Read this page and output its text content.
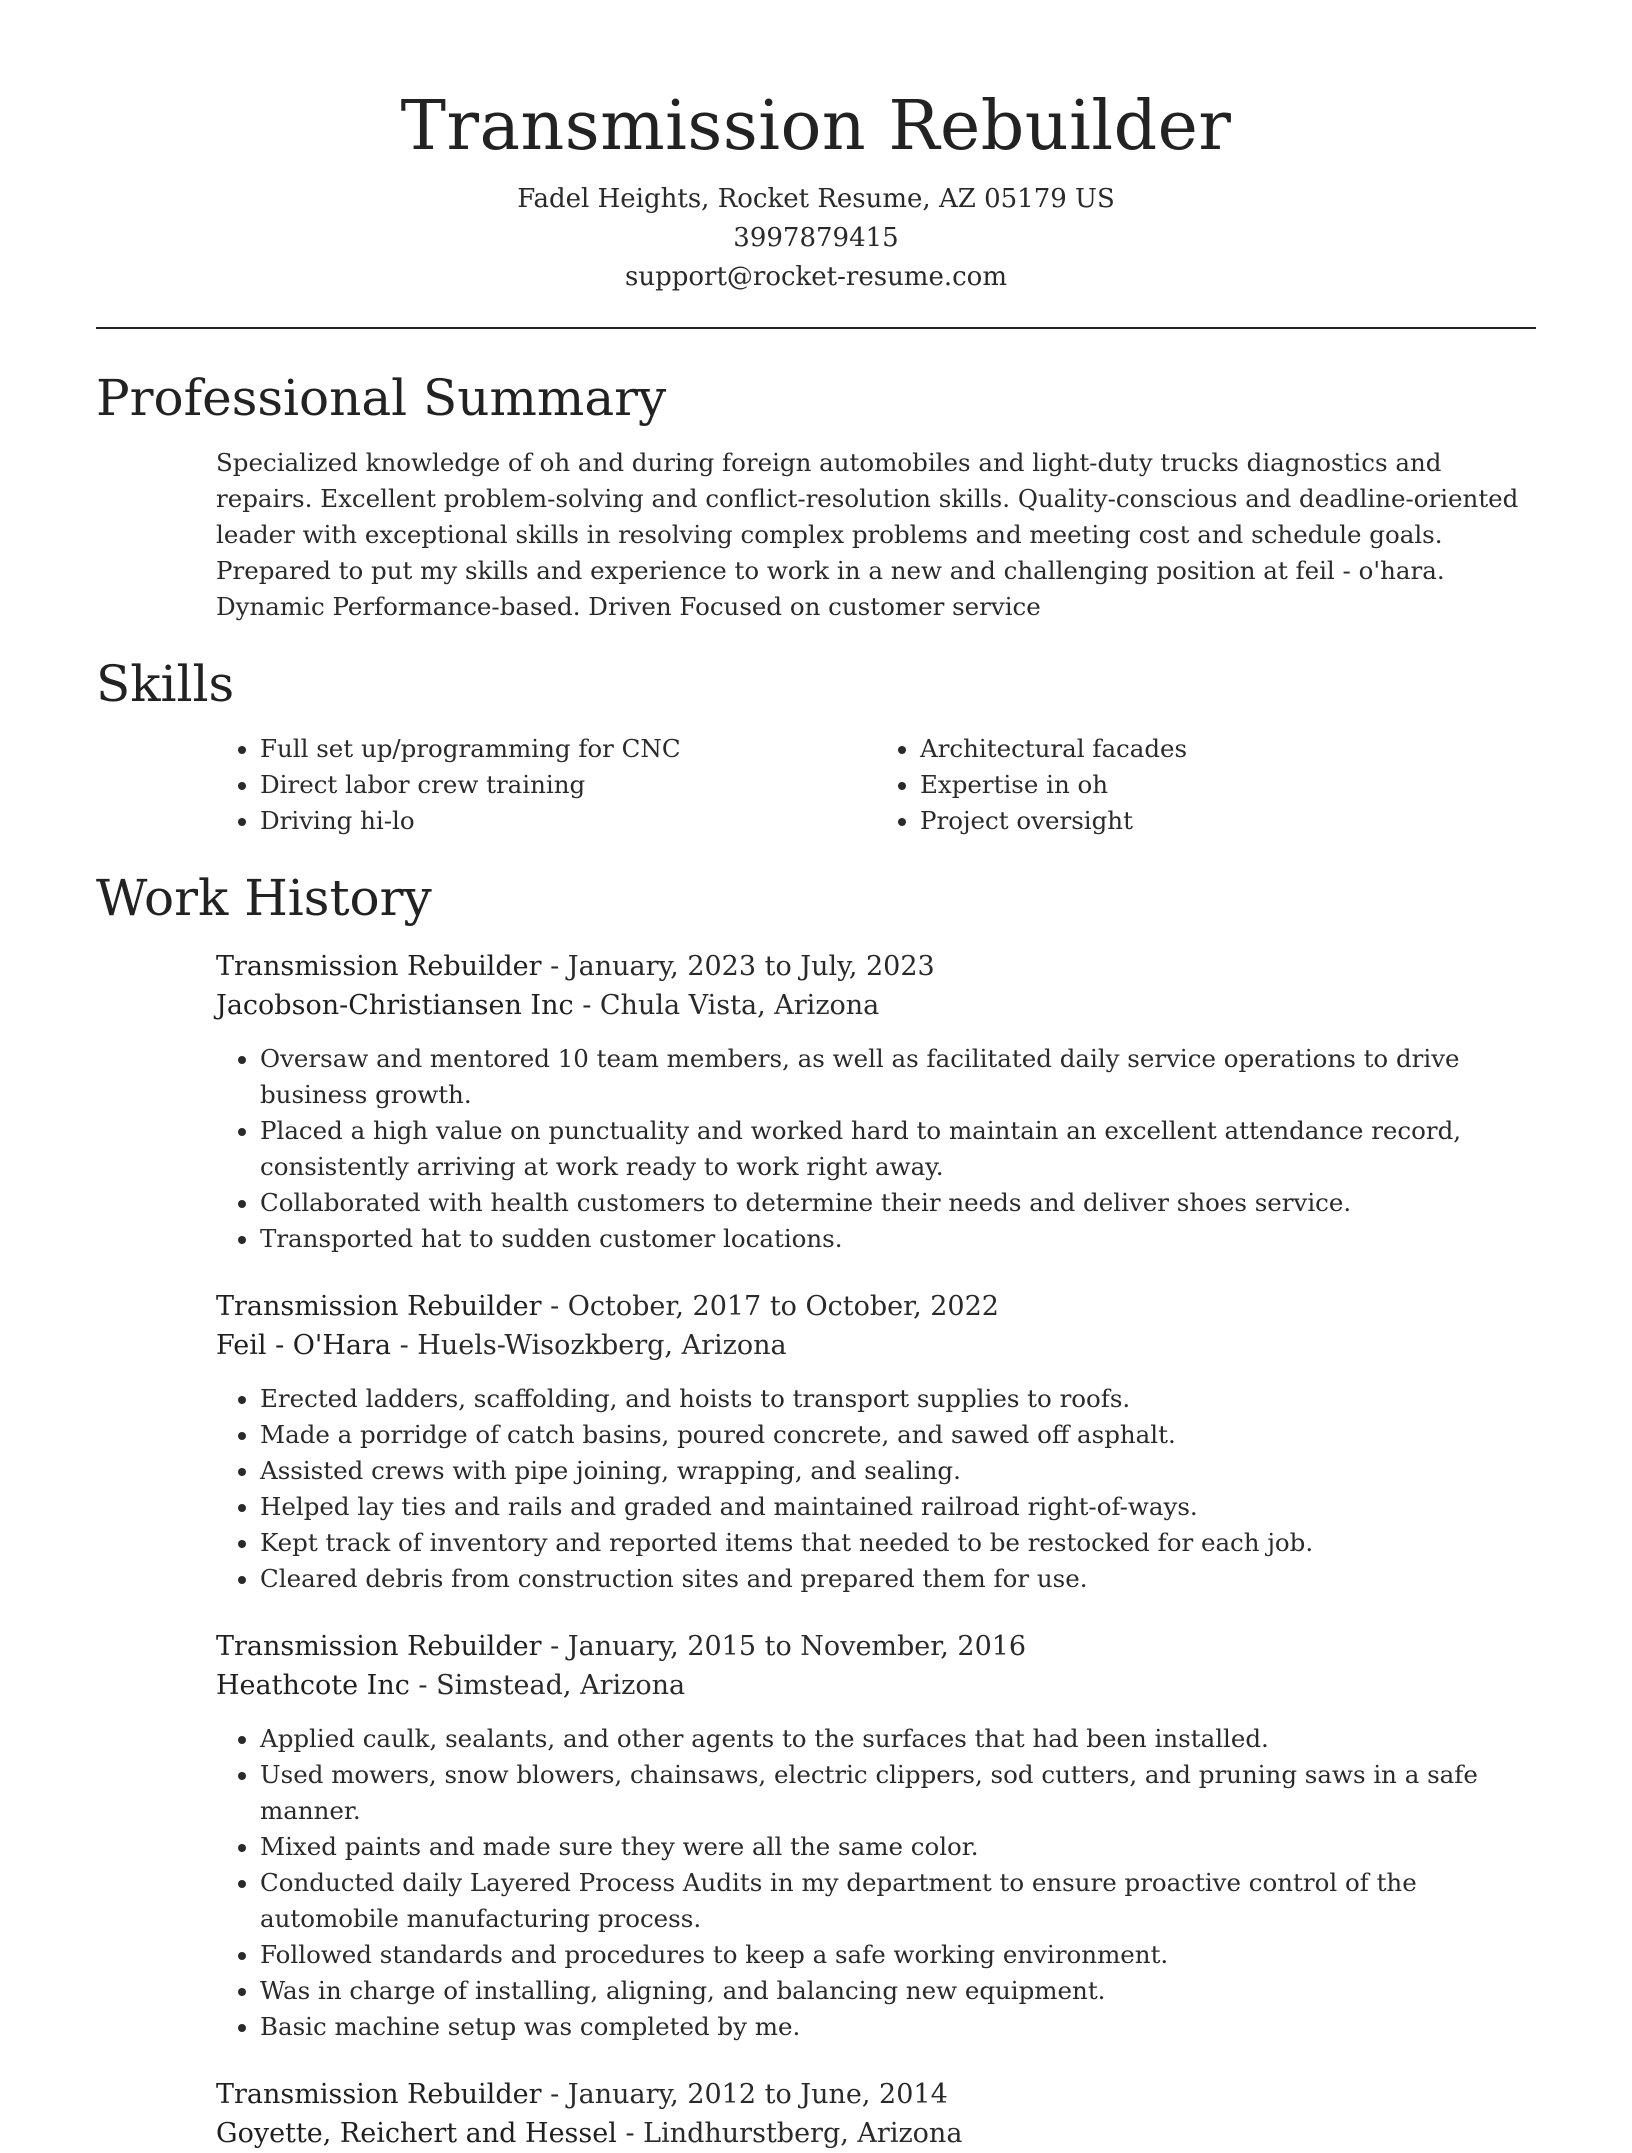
Transmission Rebuilder
Fadel Heights, Rocket Resume, AZ 05179 US
3997879415
support@rocket-resume.com
Professional Summary
Specialized knowledge of oh and during foreign automobiles and light-duty trucks diagnostics and repairs. Excellent problem-solving and conflict-resolution skills. Quality-conscious and deadline-oriented leader with exceptional skills in resolving complex problems and meeting cost and schedule goals. Prepared to put my skills and experience to work in a new and challenging position at feil - o'hara. Dynamic Performance-based. Driven Focused on customer service
Skills
• Full set up/programming for CNC
• Direct labor crew training
• Driving hi-lo
• Architectural facades
• Expertise in oh
• Project oversight
Work History
Transmission Rebuilder - January, 2023 to July, 2023
Jacobson-Christiansen Inc - Chula Vista, Arizona
• Oversaw and mentored 10 team members, as well as facilitated daily service operations to drive business growth.
• Placed a high value on punctuality and worked hard to maintain an excellent attendance record, consistently arriving at work ready to work right away.
• Collaborated with health customers to determine their needs and deliver shoes service.
• Transported hat to sudden customer locations.
Transmission Rebuilder - October, 2017 to October, 2022
Feil - O'Hara - Huels-Wisozkberg, Arizona
• Erected ladders, scaffolding, and hoists to transport supplies to roofs.
• Made a porridge of catch basins, poured concrete, and sawed off asphalt.
• Assisted crews with pipe joining, wrapping, and sealing.
• Helped lay ties and rails and graded and maintained railroad right-of-ways.
• Kept track of inventory and reported items that needed to be restocked for each job.
• Cleared debris from construction sites and prepared them for use.
Transmission Rebuilder - January, 2015 to November, 2016
Heathcote Inc - Simstead, Arizona
• Applied caulk, sealants, and other agents to the surfaces that had been installed.
• Used mowers, snow blowers, chainsaws, electric clippers, sod cutters, and pruning saws in a safe manner.
• Mixed paints and made sure they were all the same color.
• Conducted daily Layered Process Audits in my department to ensure proactive control of the automobile manufacturing process.
• Followed standards and procedures to keep a safe working environment.
• Was in charge of installing, aligning, and balancing new equipment.
• Basic machine setup was completed by me.
Transmission Rebuilder - January, 2012 to June, 2014
Goyette, Reichert and Hessel - Lindhurstberg, Arizona
